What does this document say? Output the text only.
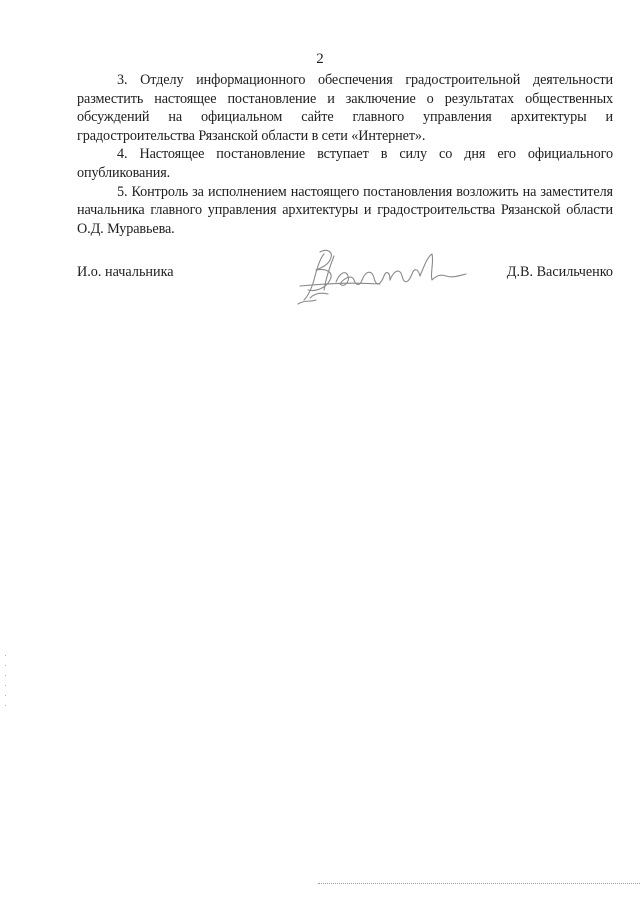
2

3. Отделу информационного обеспечения градостроительной деятельности разместить настоящее постановление и заключение о результатах общественных обсуждений на официальном сайте главного управления архитектуры и градостроительства Рязанской области в сети «Интернет».

4. Настоящее постановление вступает в силу со дня его официального опубликования.

5. Контроль за исполнением настоящего постановления возложить на заместителя начальника главного управления архитектуры и градостроительства Рязанской области О.Д. Муравьева.

И.о. начальника	Д.В. Васильченко
